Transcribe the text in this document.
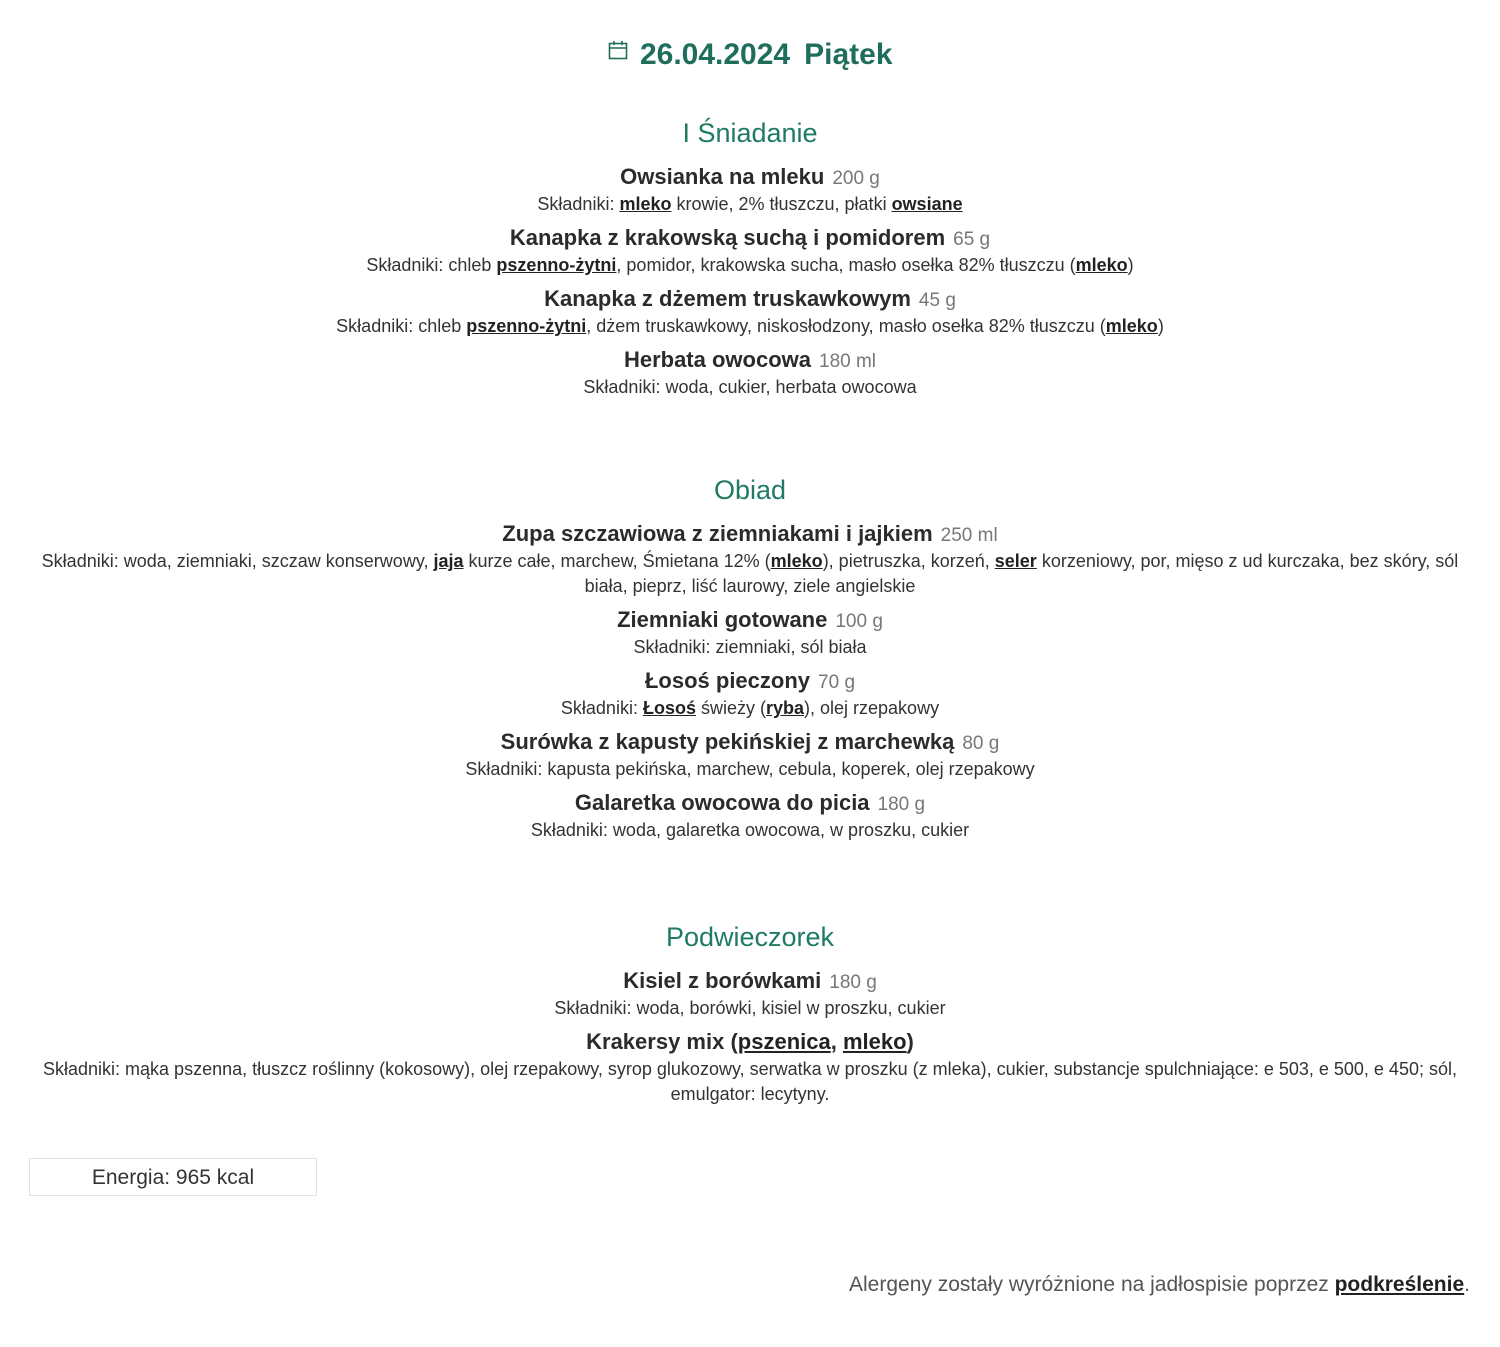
26.04.2024 Piątek
I Śniadanie
Owsianka na mleku 200 g
Składniki: mleko krowie, 2% tłuszczu, płatki owsiane
Kanapka z krakowską suchą i pomidorem 65 g
Składniki: chleb pszenno-żytni, pomidor, krakowska sucha, masło osełka 82% tłuszczu (mleko)
Kanapka z dżemem truskawkowym 45 g
Składniki: chleb pszenno-żytni, dżem truskawkowy, niskosłodzony, masło osełka 82% tłuszczu (mleko)
Herbata owocowa 180 ml
Składniki: woda, cukier, herbata owocowa
Obiad
Zupa szczawiowa z ziemniakami i jajkiem 250 ml
Składniki: woda, ziemniaki, szczaw konserwowy, jaja kurze całe, marchew, Śmietana 12% (mleko), pietruszka, korzeń, seler korzeniowy, por, mięso z ud kurczaka, bez skóry, sól biała, pieprz, liść laurowy, ziele angielskie
Ziemniaki gotowane 100 g
Składniki: ziemniaki, sól biała
Łosoś pieczony 70 g
Składniki: Łosoś świeży (ryba), olej rzepakowy
Surówka z kapusty pekińskiej z marchewką 80 g
Składniki: kapusta pekińska, marchew, cebula, koperek, olej rzepakowy
Galaretka owocowa do picia 180 g
Składniki: woda, galaretka owocowa, w proszku, cukier
Podwieczorek
Kisiel z borówkami 180 g
Składniki: woda, borówki, kisiel w proszku, cukier
Krakersy mix (pszenica, mleko)
Składniki: mąka pszenna, tłuszcz roślinny (kokosowy), olej rzepakowy, syrop glukozowy, serwatka w proszku (z mleka), cukier, substancje spulchniające: e 503, e 500, e 450; sól, emulgator: lecytyny.
Energia: 965 kcal
Alergeny zostały wyróżnione na jadłospisie poprzez podkreślenie.
